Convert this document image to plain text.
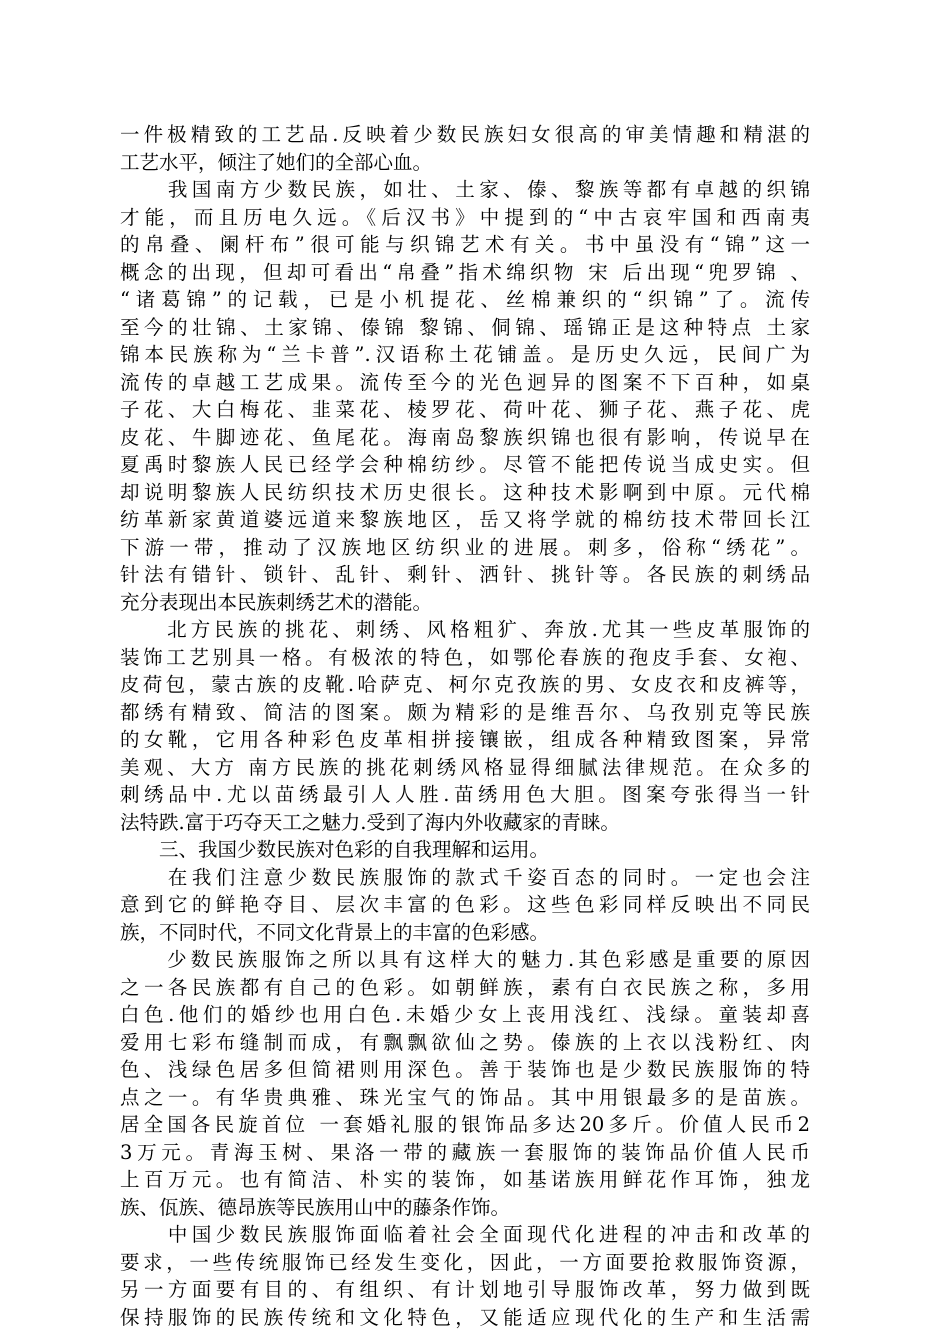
一件极精致的工艺品.反映着少数民族妇女很高的审美情趣和精湛的
工艺水平，倾注了她们的全部心血。
　　我国南方少数民族，如壮、土家、傣、黎族等都有卓越的织锦
才能，而且历电久远。《后汉书》中提到的“中古哀牢国和西南夷
的帛叠、阑杆布”很可能与织锦艺术有关。书中虽没有“锦”这一
概念的出现，但却可看出“帛叠”指术绵织物 宋 后出现“兜罗锦 、
“诸葛锦”的记载，已是小机提花、丝棉兼织的“织锦”了。流传
至今的壮锦、土家锦、傣锦 黎锦、侗锦、瑶锦正是这种特点 土家
锦本民族称为“兰卡普”.汉语称土花铺盖。是历史久远，民间广为
流传的卓越工艺成果。流传至今的光色迥异的图案不下百种，如桌
子花、大白梅花、韭菜花、棱罗花、荷叶花、狮子花、燕子花、虎
皮花、牛脚迹花、鱼尾花。海南岛黎族织锦也很有影响，传说早在
夏禹时黎族人民已经学会种棉纺纱。尽管不能把传说当成史实。但
却说明黎族人民纺织技术历史很长。这种技术影啊到中原。元代棉
纺革新家黄道婆远道来黎族地区，岳又将学就的棉纺技术带回长江
下游一带，推动了汉族地区纺织业的进展。刺多，俗称“绣花”。
针法有错针、锁针、乱针、剩针、洒针、挑针等。各民族的刺绣品
充分表现出本民族刺绣艺术的潜能。
　　北方民族的挑花、刺绣、风格粗犷、奔放.尤其一些皮革服饰的
装饰工艺别具一格。有极浓的特色，如鄂伦春族的孢皮手套、女袍、
皮荷包，蒙古族的皮靴.哈萨克、柯尔克孜族的男、女皮衣和皮裤等，
都绣有精致、简洁的图案。颇为精彩的是维吾尔、乌孜别克等民族
的女靴，它用各种彩色皮革相拼接镶嵌，组成各种精致图案，异常
美观、大方 南方民族的挑花刺绣风格显得细腻法律规范。在众多的
刺绣品中.尤以苗绣最引人人胜.苗绣用色大胆。图案夸张得当一针
法特跌.富于巧夺天工之魅力.受到了海内外收藏家的青睐。
　　三、我国少数民族对色彩的自我理解和运用。
　　在我们注意少数民族服饰的款式千姿百态的同时。一定也会注
意到它的鲜艳夺目、层次丰富的色彩。这些色彩同样反映出不同民
族，不同时代，不同文化背景上的丰富的色彩感。
　　少数民族服饰之所以具有这样大的魅力.其色彩感是重要的原因
之一各民族都有自己的色彩。如朝鲜族，素有白衣民族之称，多用
白色.他们的婚纱也用白色.未婚少女上丧用浅红、浅绿。童装却喜
爱用七彩布缝制而成，有飘飘欲仙之势。傣族的上衣以浅粉红、肉
色、浅绿色居多但简裙则用深色。善于装饰也是少数民族服饰的特
点之一。有华贵典雅、珠光宝气的饰品。其中用银最多的是苗族。
居全国各民旋首位 一套婚礼服的银饰品多达20多斤。价值人民币2
3万元。青海玉树、果洛一带的藏族一套服饰的装饰品价值人民币
上百万元。也有简洁、朴实的装饰，如基诺族用鲜花作耳饰，独龙
族、佤族、德昂族等民族用山中的藤条作饰。
　　中国少数民族服饰面临着社会全面现代化进程的冲击和改革的
要求，一些传统服饰已经发生变化，因此，一方面要抢救服饰资源，
另一方面要有目的、有组织、有计划地引导服饰改革，努力做到既
保持服饰的民族传统和文化特色，又能适应现代化的生产和生活需
